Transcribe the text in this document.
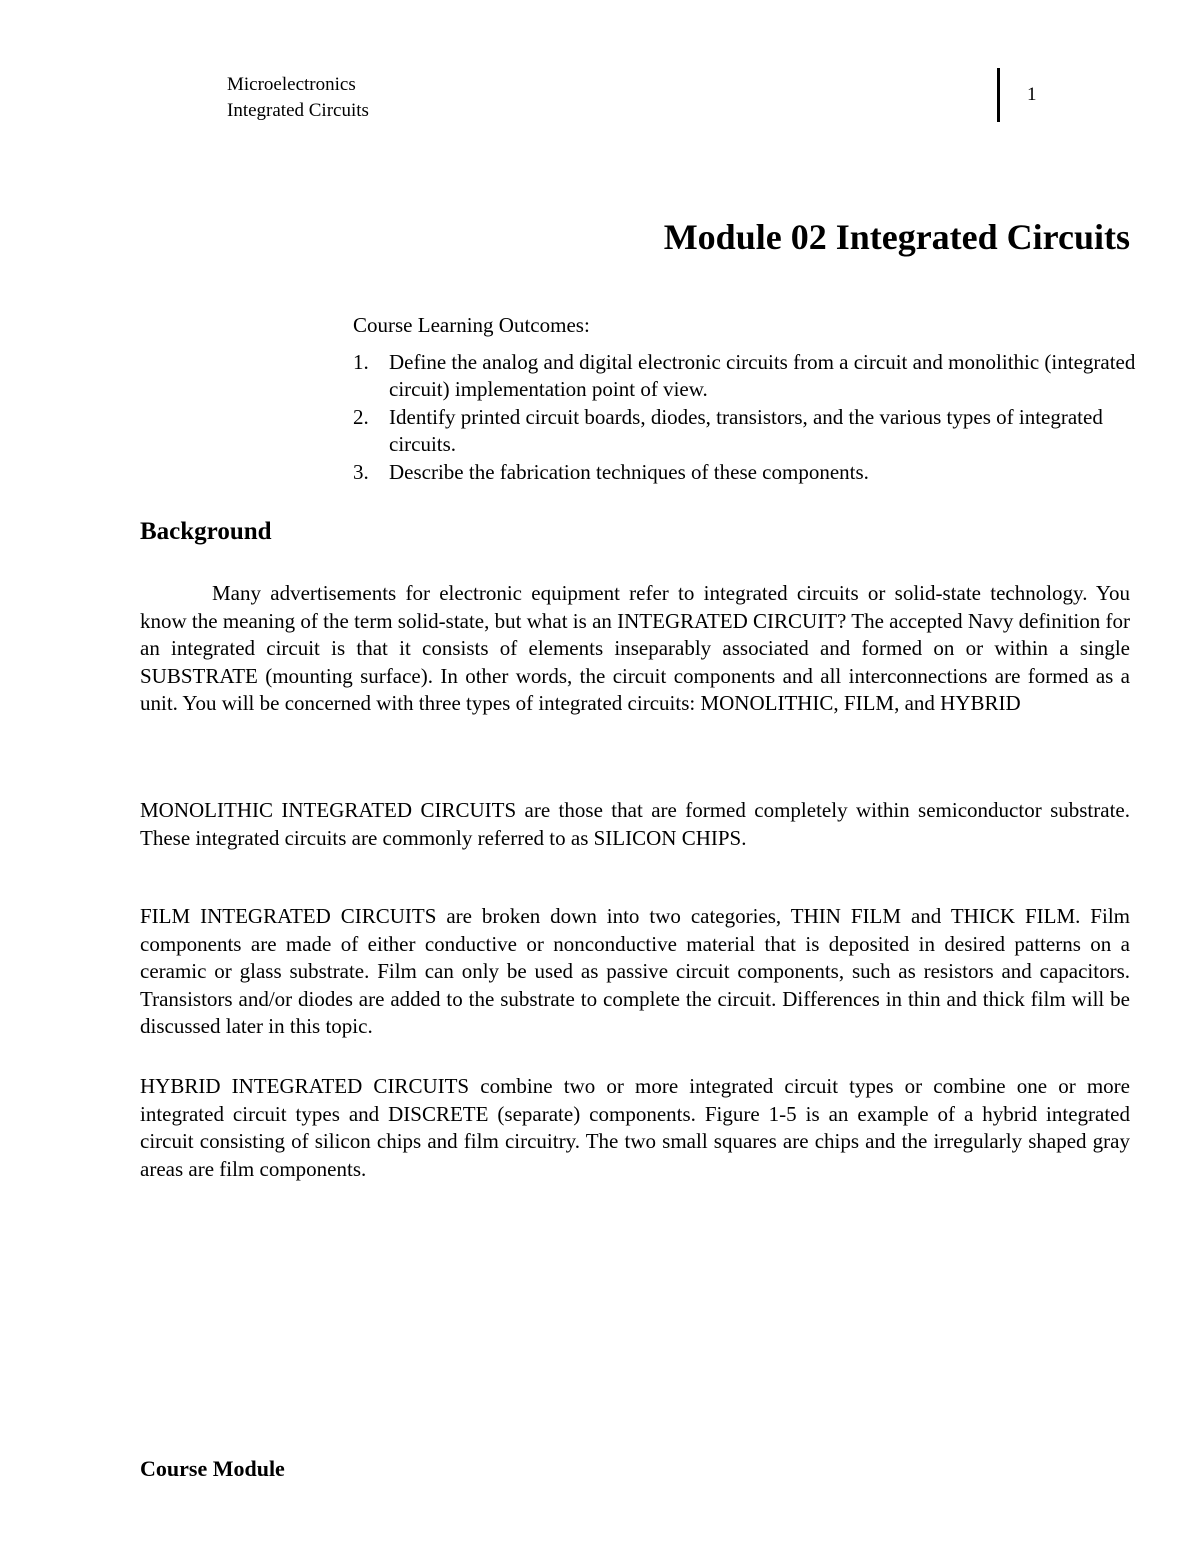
Microelectronics
Integrated Circuits
1
Module 02 Integrated Circuits
Course Learning Outcomes:
1. Define the analog and digital electronic circuits from a circuit and monolithic (integrated circuit) implementation point of view.
2. Identify printed circuit boards, diodes, transistors, and the various types of integrated circuits.
3. Describe the fabrication techniques of these components.
Background

Many advertisements for electronic equipment refer to integrated circuits or solid-state technology. You know the meaning of the term solid-state, but what is an INTEGRATED CIRCUIT? The accepted Navy definition for an integrated circuit is that it consists of elements inseparably associated and formed on or within a single SUBSTRATE (mounting surface). In other words, the circuit components and all interconnections are formed as a unit. You will be concerned with three types of integrated circuits: MONOLITHIC, FILM, and HYBRID

MONOLITHIC INTEGRATED CIRCUITS are those that are formed completely within semiconductor substrate. These integrated circuits are commonly referred to as SILICON CHIPS.

FILM INTEGRATED CIRCUITS are broken down into two categories, THIN FILM and THICK FILM. Film components are made of either conductive or nonconductive material that is deposited in desired patterns on a ceramic or glass substrate. Film can only be used as passive circuit components, such as resistors and capacitors. Transistors and/or diodes are added to the substrate to complete the circuit. Differences in thin and thick film will be discussed later in this topic.

HYBRID INTEGRATED CIRCUITS combine two or more integrated circuit types or combine one or more integrated circuit types and DISCRETE (separate) components. Figure 1-5 is an example of a hybrid integrated circuit consisting of silicon chips and film circuitry. The two small squares are chips and the irregularly shaped gray areas are film components.

Course Module
